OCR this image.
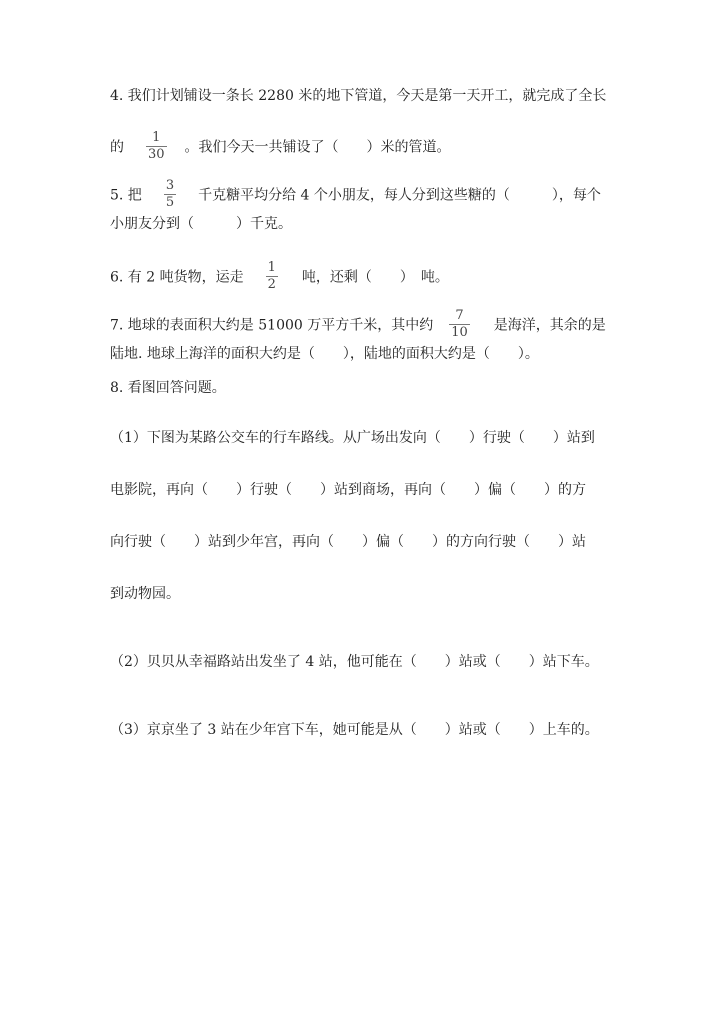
4. 我们计划铺设一条长 2280 米的地下管道，今天是第一天开工，就完成了全长
的 $\frac{1}{30}$ 。我们今天一共铺设了（　　）米的管道。
5. 把 $\frac{3}{5}$ 千克糖平均分给 4 个小朋友，每人分到这些糖的（　　　），每个
小朋友分到（　　　）千克。
6. 有 2 吨货物，运走 $\frac{1}{2}$ 吨，还剩（　　）　吨。
7. 地球的表面积大约是 51000 万平方千米，其中约 $\frac{7}{10}$ 是海洋，其余的是
陆地. 地球上海洋的面积大约是（　　），陆地的面积大约是（　　）。
8. 看图回答问题。
（1）下图为某路公交车的行车路线。从广场出发向（　　）行驶（　　）站到
电影院，再向（　　）行驶（　　）站到商场，再向（　　）偏（　　）的方
向行驶（　　）站到少年宫，再向（　　）偏（　　）的方向行驶（　　）站
到动物园。
（2）贝贝从幸福路站出发坐了 4 站，他可能在（　　）站或（　　）站下车。
（3）京京坐了 3 站在少年宫下车，她可能是从（　　）站或（　　）上车的。
